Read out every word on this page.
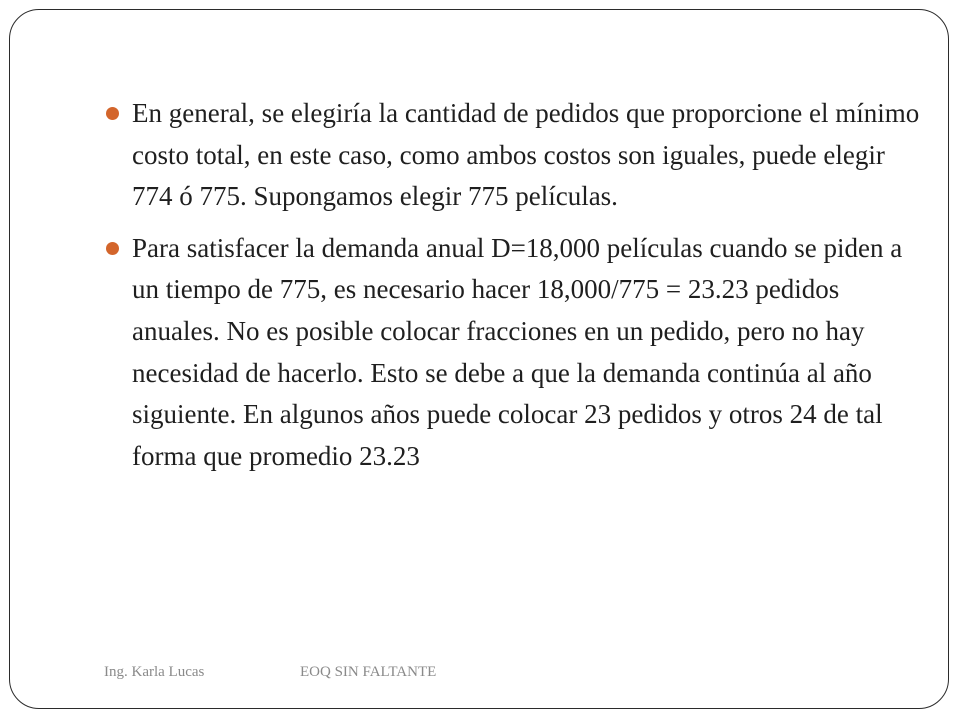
En general, se elegiría la cantidad de pedidos que proporcione el mínimo costo total, en este caso, como ambos costos son iguales, puede elegir 774 ó 775. Supongamos elegir 775 películas.
Para satisfacer la demanda anual D=18,000 películas cuando se piden a un tiempo de 775, es necesario hacer 18,000/775 = 23.23 pedidos anuales. No es posible colocar fracciones en un pedido, pero no hay necesidad de hacerlo. Esto se debe a que la demanda continúa al año siguiente. En algunos años puede colocar 23 pedidos y otros 24 de tal forma que promedio 23.23
Ing. Karla Lucas	EOQ SIN FALTANTE
